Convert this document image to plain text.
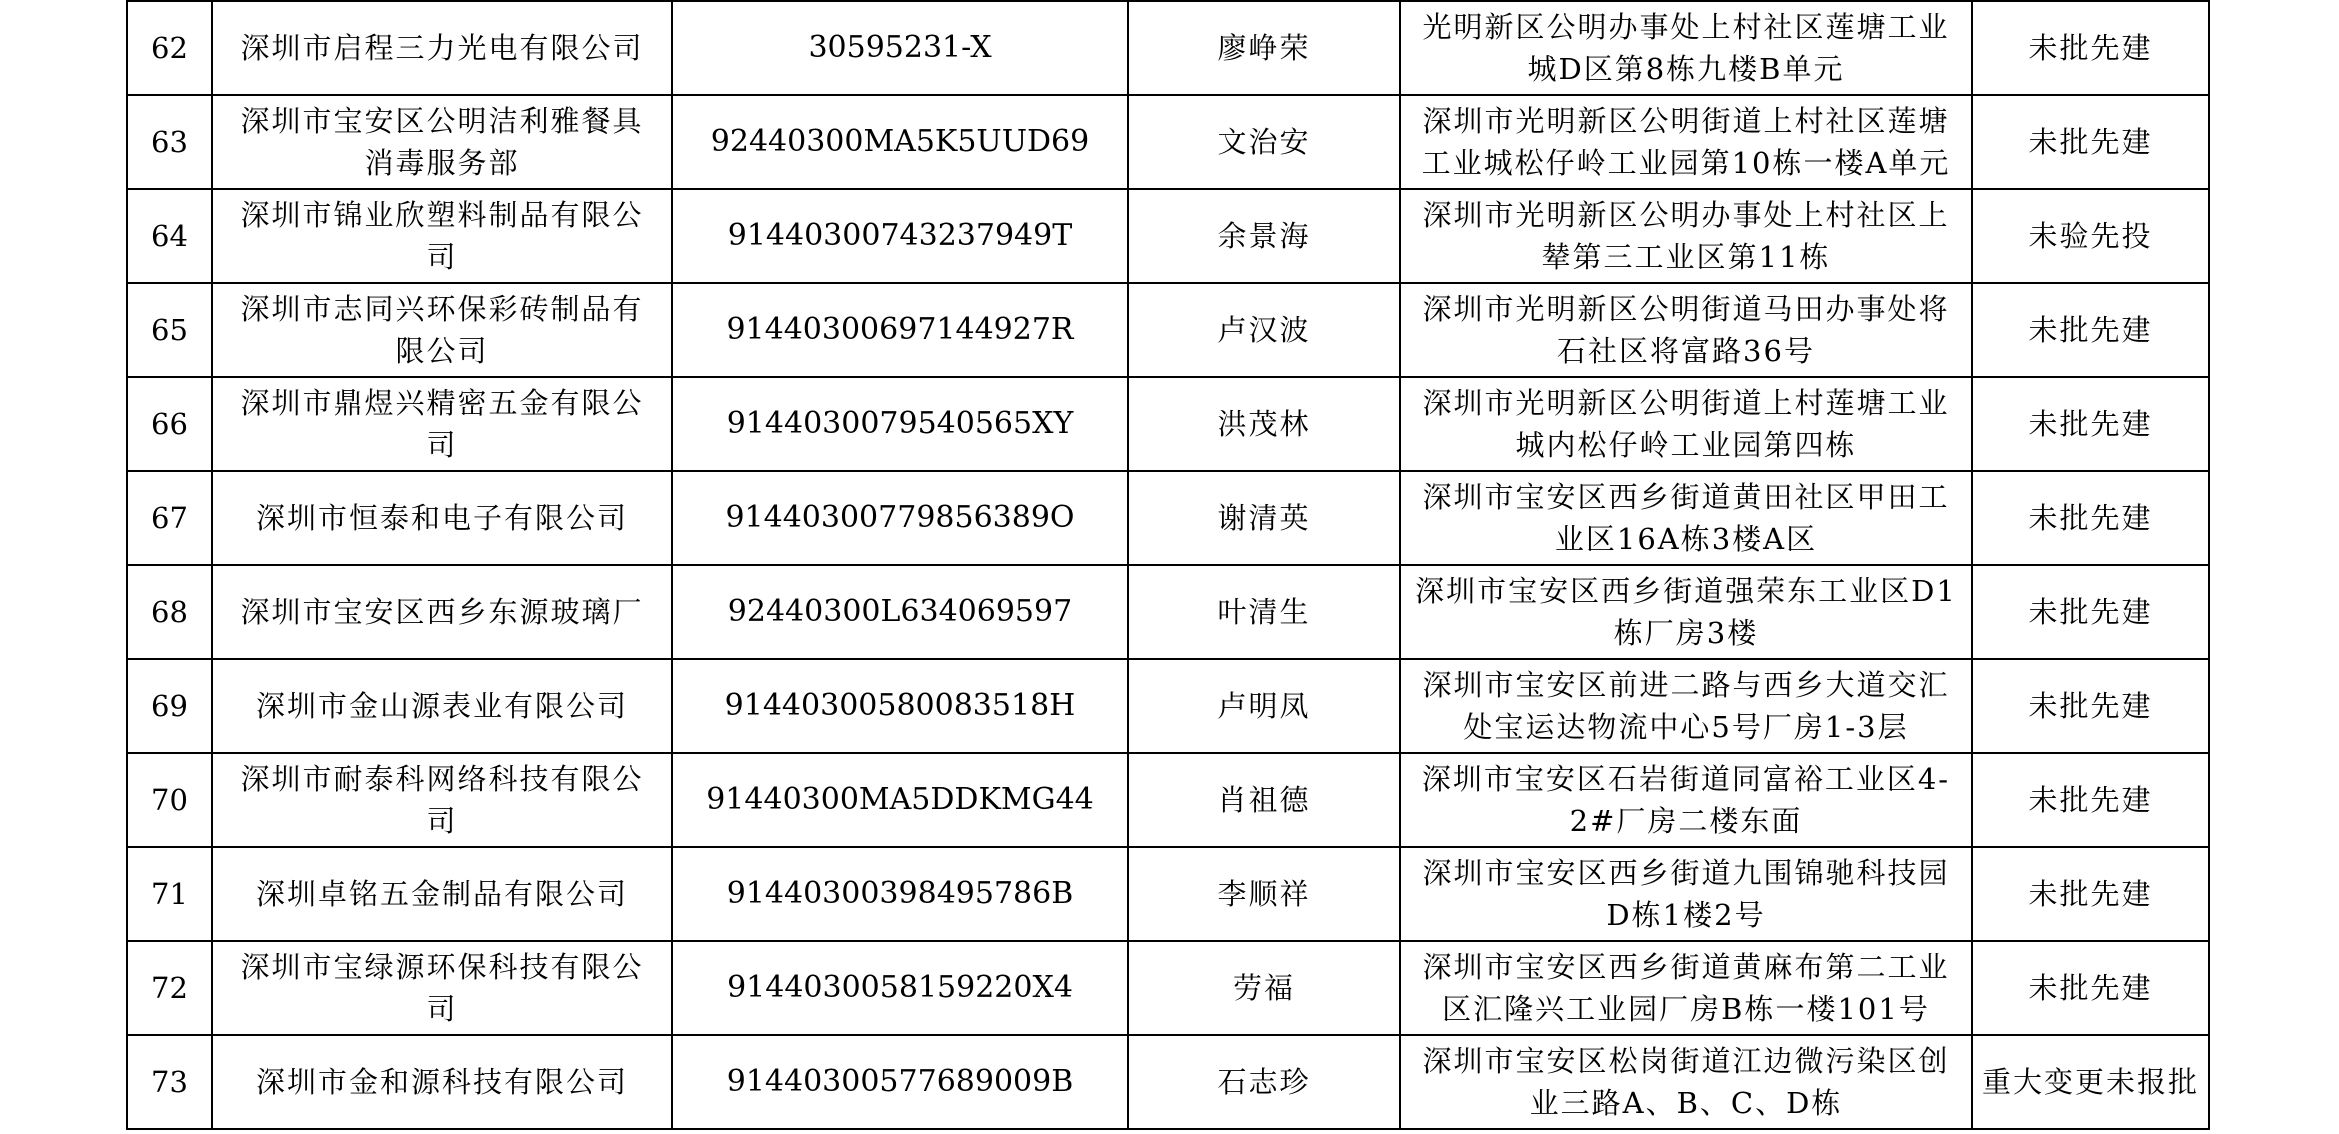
62	深圳市启程三力光电有限公司	30595231-X	廖峥荣	光明新区公明办事处上村社区莲塘工业城D区第8栋九楼B单元	未批先建
63	深圳市宝安区公明洁利雅餐具消毒服务部	92440300MA5K5UUD69	文治安	深圳市光明新区公明街道上村社区莲塘工业城松仔岭工业园第10栋一楼A单元	未批先建
64	深圳市锦业欣塑料制品有限公司	91440300743237949T	余景海	深圳市光明新区公明办事处上村社区上辇第三工业区第11栋	未验先投
65	深圳市志同兴环保彩砖制品有限公司	91440300697144927R	卢汉波	深圳市光明新区公明街道马田办事处将石社区将富路36号	未批先建
66	深圳市鼎煜兴精密五金有限公司	9144030079540565XY	洪茂林	深圳市光明新区公明街道上村莲塘工业城内松仔岭工业园第四栋	未批先建
67	深圳市恒泰和电子有限公司	91440300779856389O	谢清英	深圳市宝安区西乡街道黄田社区甲田工业区16A栋3楼A区	未批先建
68	深圳市宝安区西乡东源玻璃厂	92440300L634069597	叶清生	深圳市宝安区西乡街道强荣东工业区D1栋厂房3楼	未批先建
69	深圳市金山源表业有限公司	91440300580083518H	卢明凤	深圳市宝安区前进二路与西乡大道交汇处宝运达物流中心5号厂房1-3层	未批先建
70	深圳市耐泰科网络科技有限公司	91440300MA5DDKMG44	肖祖德	深圳市宝安区石岩街道同富裕工业区4-2#厂房二楼东面	未批先建
71	深圳卓铭五金制品有限公司	91440300398495786B	李顺祥	深圳市宝安区西乡街道九围锦驰科技园D栋1楼2号	未批先建
72	深圳市宝绿源环保科技有限公司	9144030058159220X4	劳福	深圳市宝安区西乡街道黄麻布第二工业区汇隆兴工业园厂房B栋一楼101号	未批先建
73	深圳市金和源科技有限公司	91440300577689009B	石志珍	深圳市宝安区松岗街道江边微污染区创业三路A、B、C、D栋	重大变更未报批
